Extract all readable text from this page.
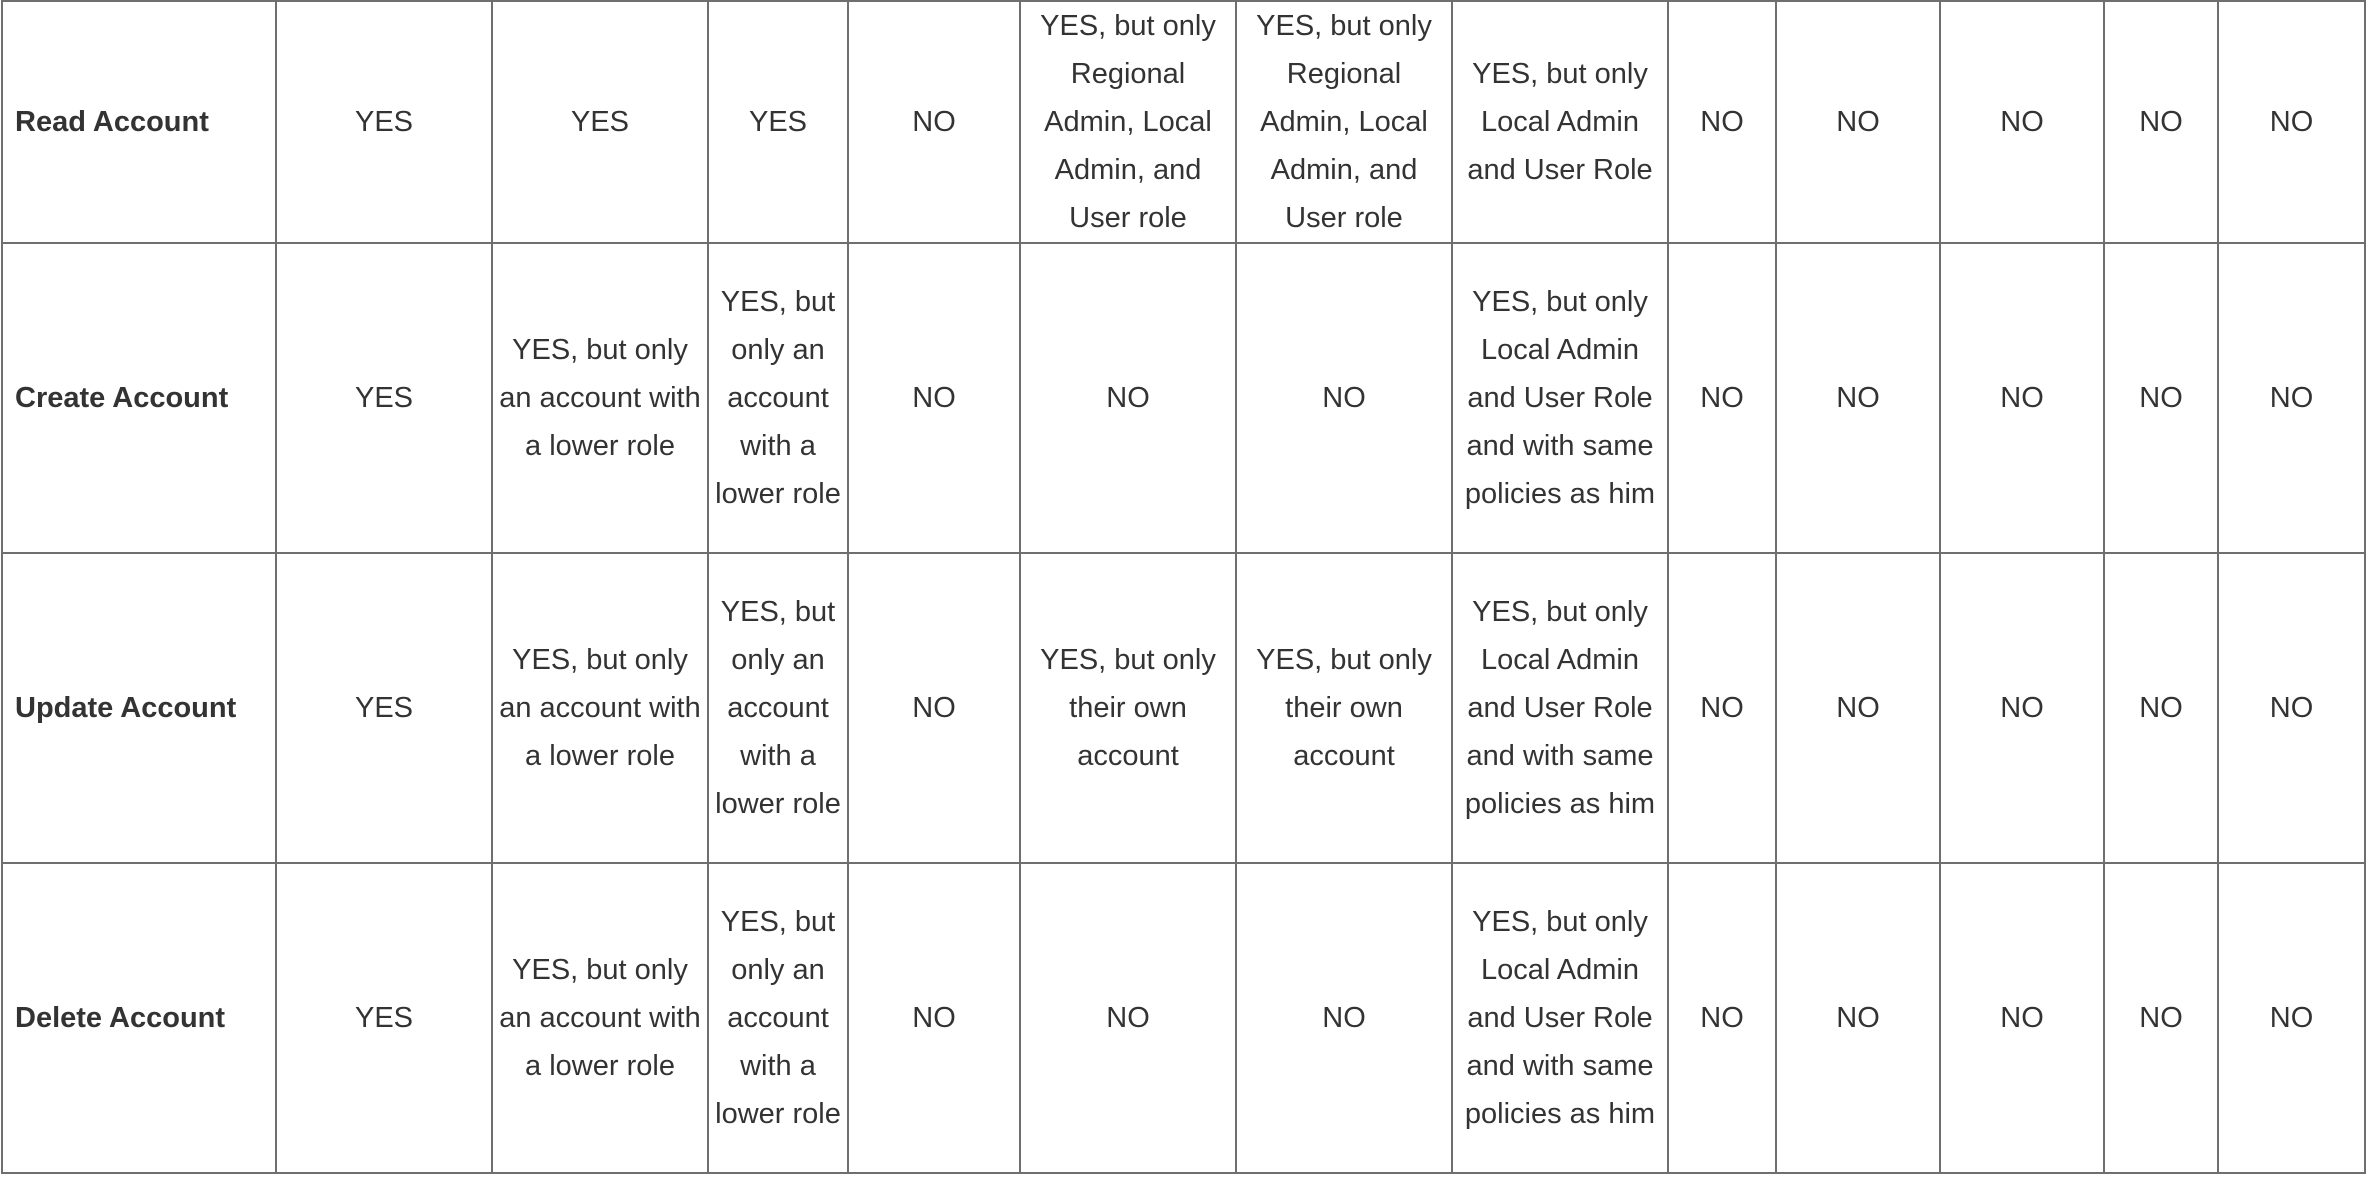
Read Account	YES	YES	YES	NO	YES, but only Regional Admin, Local Admin, and User role	YES, but only Regional Admin, Local Admin, and User role	YES, but only Local Admin and User Role	NO	NO	NO	NO	NO
Create Account	YES	YES, but only an account with a lower role	YES, but only an account with a lower role	NO	NO	NO	YES, but only Local Admin and User Role and with same policies as him	NO	NO	NO	NO	NO
Update Account	YES	YES, but only an account with a lower role	YES, but only an account with a lower role	NO	YES, but only their own account	YES, but only their own account	YES, but only Local Admin and User Role and with same policies as him	NO	NO	NO	NO	NO
Delete Account	YES	YES, but only an account with a lower role	YES, but only an account with a lower role	NO	NO	NO	YES, but only Local Admin and User Role and with same policies as him	NO	NO	NO	NO	NO
